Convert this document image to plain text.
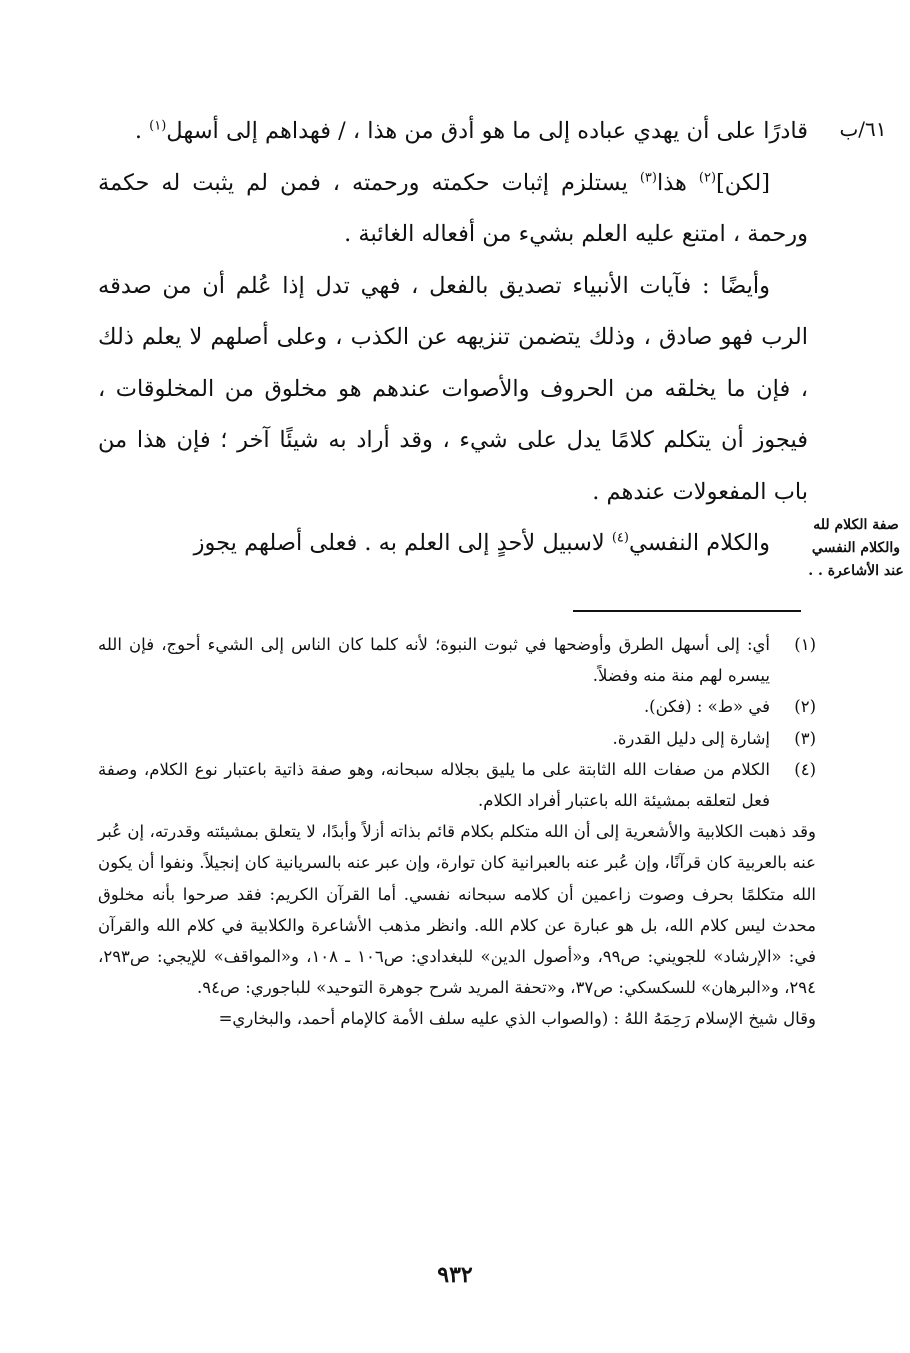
٦١/ب

قادرًا على أن يهدي عباده إلى ما هو أدق من هذا ، / فهداهم إلى أسهل$^{(١)}$ .

[لكن]$^{(٢)}$ هذا$^{(٣)}$ يستلزم إثبات حكمته ورحمته ، فمن لم يثبت له حكمة ورحمة ، امتنع عليه العلم بشيء من أفعاله الغائبة .

وأيضًا : فآيات الأنبياء تصديق بالفعل ، فهي تدل إذا عُلم أن من صدقه الرب فهو صادق ، وذلك يتضمن تنزيهه عن الكذب ، وعلى أصلهم لا يعلم ذلك ، فإن ما يخلقه من الحروف والأصوات عندهم هو مخلوق من المخلوقات ، فيجوز أن يتكلم كلامًا يدل على شيء ، وقد أراد به شيئًا آخر ؛ فإن هذا من باب المفعولات عندهم .

والكلام النفسي$^{(٤)}$ لاسبيل لأحدٍ إلى العلم به . فعلى أصلهم يجوز

صفة الكلام لله والكلام النفسي عند الأشاعرة . .
(١)
أي: إلى أسهل الطرق وأوضحها في ثبوت النبوة؛ لأنه كلما كان الناس إلى الشيء أحوج، فإن الله ييسره لهم منة منه وفضلاً.
(٢)
في «ط» : (فكن).
(٣)
إشارة إلى دليل القدرة.
(٤)
الكلام من صفات الله الثابتة على ما يليق بجلاله سبحانه، وهو صفة ذاتية باعتبار نوع الكلام، وصفة فعل لتعلقه بمشيئة الله باعتبار أفراد الكلام.
وقد ذهبت الكلابية والأشعرية إلى أن الله متكلم بكلام قائم بذاته أزلاً وأبدًا، لا يتعلق بمشيئته وقدرته، إن عُبر عنه بالعربية كان قرآنًا، وإن عُبر عنه بالعبرانية كان توارة، وإن عبر عنه بالسريانية كان إنجيلاً. ونفوا أن يكون الله متكلمًا بحرف وصوت زاعمين أن كلامه سبحانه نفسي. أما القرآن الكريم: فقد صرحوا بأنه مخلوق محدث ليس كلام الله، بل هو عبارة عن كلام الله. وانظر مذهب الأشاعرة والكلابية في كلام الله والقرآن في: «الإرشاد» للجويني: ص٩٩، و«أصول الدين» للبغدادي: ص١٠٦ ـ ١٠٨، و«المواقف» للإيجي: ص٢٩٣، ٢٩٤، و«البرهان» للسكسكي: ص٣٧، و«تحفة المريد شرح جوهرة التوحيد» للباجوري: ص٩٤.
وقال شيخ الإسلام رَحِمَهُ اللهُ : (والصواب الذي عليه سلف الأمة كالإمام أحمد، والبخاري=
٩٣٢
